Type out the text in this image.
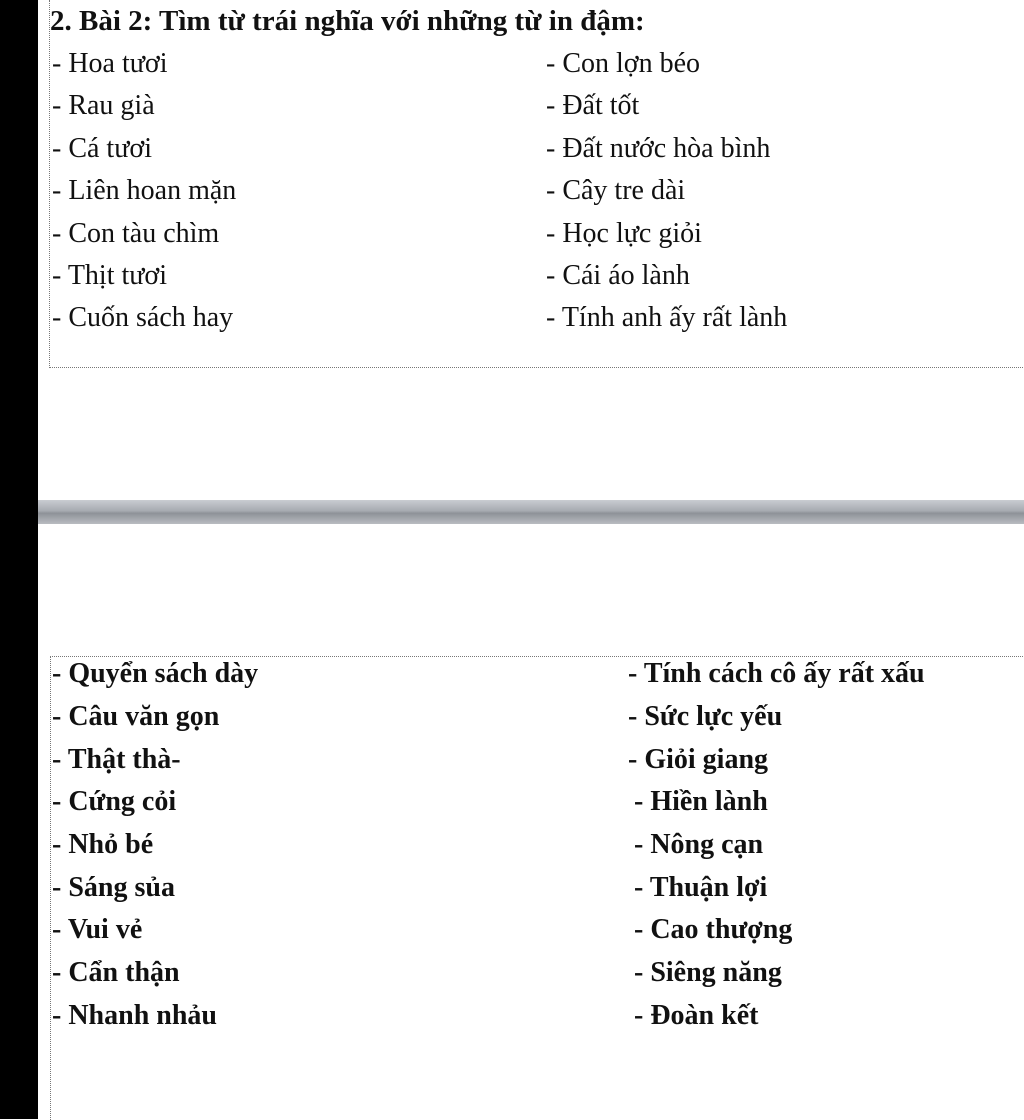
2. Bài 2: Tìm từ trái nghĩa với những từ in đậm:
- Hoa tươi
- Rau già
- Cá tươi
- Liên hoan mặn
- Con tàu chìm
- Thịt tươi
- Cuốn sách hay
- Con lợn béo
- Đất tốt
- Đất nước hòa bình
- Cây tre dài
- Học lực giỏi
- Cái áo lành
- Tính anh ấy rất lành
- Quyển sách dày
- Câu văn gọn
- Thật thà-
- Cứng cỏi
- Nhỏ bé
- Sáng sủa
- Vui vẻ
- Cẩn thận
- Nhanh nhảu
- Tính cách cô ấy rất xấu
- Sức lực yếu
- Giỏi giang
- Hiền lành
- Nông cạn
- Thuận lợi
- Cao thượng
- Siêng năng
- Đoàn kết
